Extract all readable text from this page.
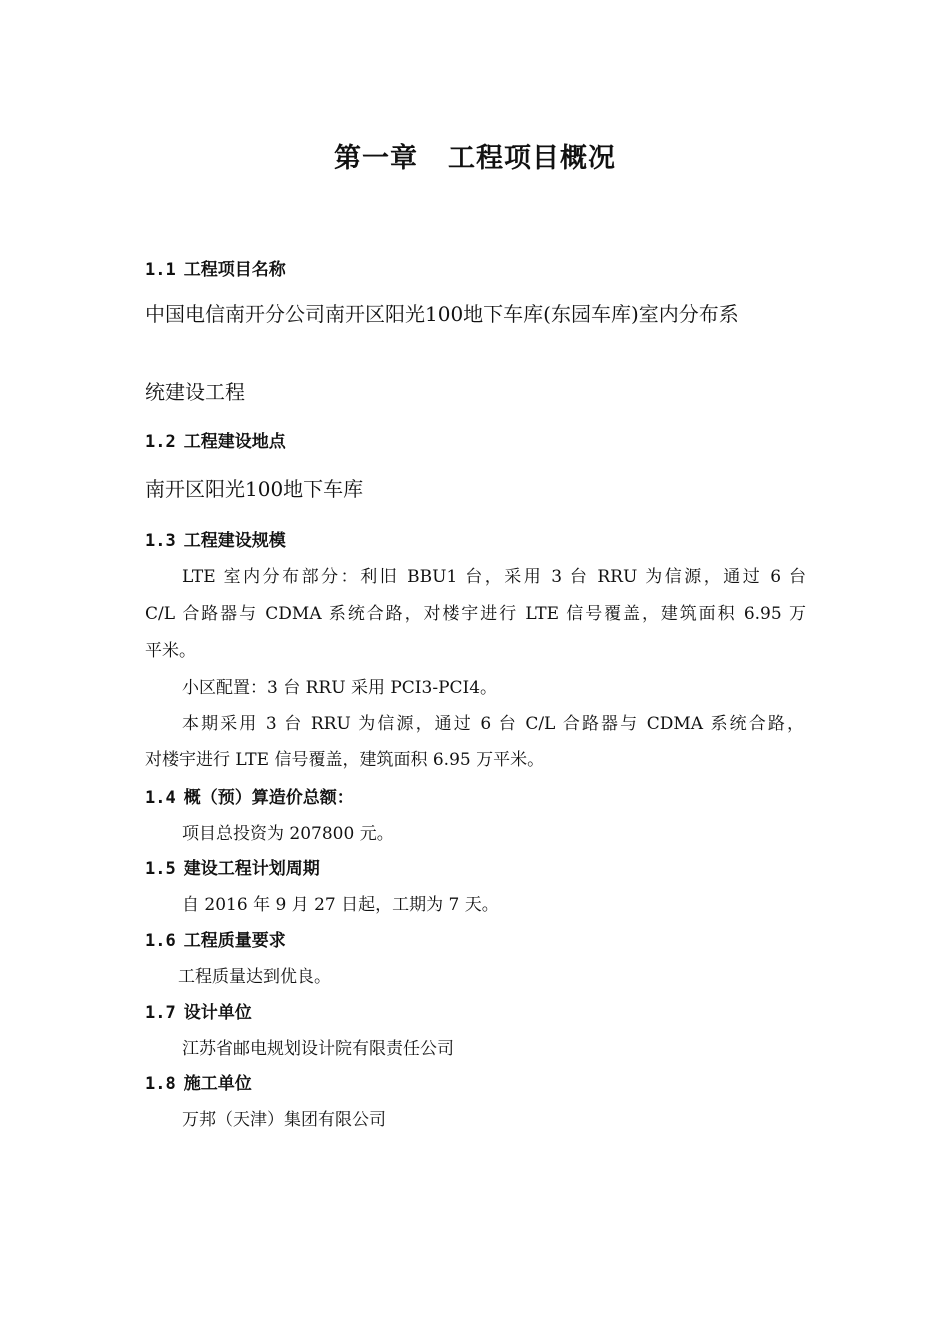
第一章 工程项目概况
1.1 工程项目名称
中国电信南开分公司南开区阳光100地下车库(东园车库)室内分布系
统建设工程
1.2 工程建设地点
南开区阳光100地下车库
1.3 工程建设规模
LTE 室内分布部分：利旧 BBU1 台，采用 3 台 RRU 为信源，通过 6 台
C/L 合路器与 CDMA 系统合路，对楼宇进行 LTE 信号覆盖，建筑面积 6.95 万
平米。
小区配置：3 台 RRU 采用 PCI3-PCI4。
本期采用 3 台 RRU 为信源，通过 6 台 C/L 合路器与 CDMA 系统合路，
对楼宇进行 LTE 信号覆盖，建筑面积 6.95 万平米。
1.4 概（预）算造价总额：
项目总投资为 207800 元。
1.5 建设工程计划周期
自 2016 年 9 月 27 日起，工期为 7 天。
1.6 工程质量要求
工程质量达到优良。
1.7 设计单位
江苏省邮电规划设计院有限责任公司
1.8 施工单位
万邦（天津）集团有限公司
